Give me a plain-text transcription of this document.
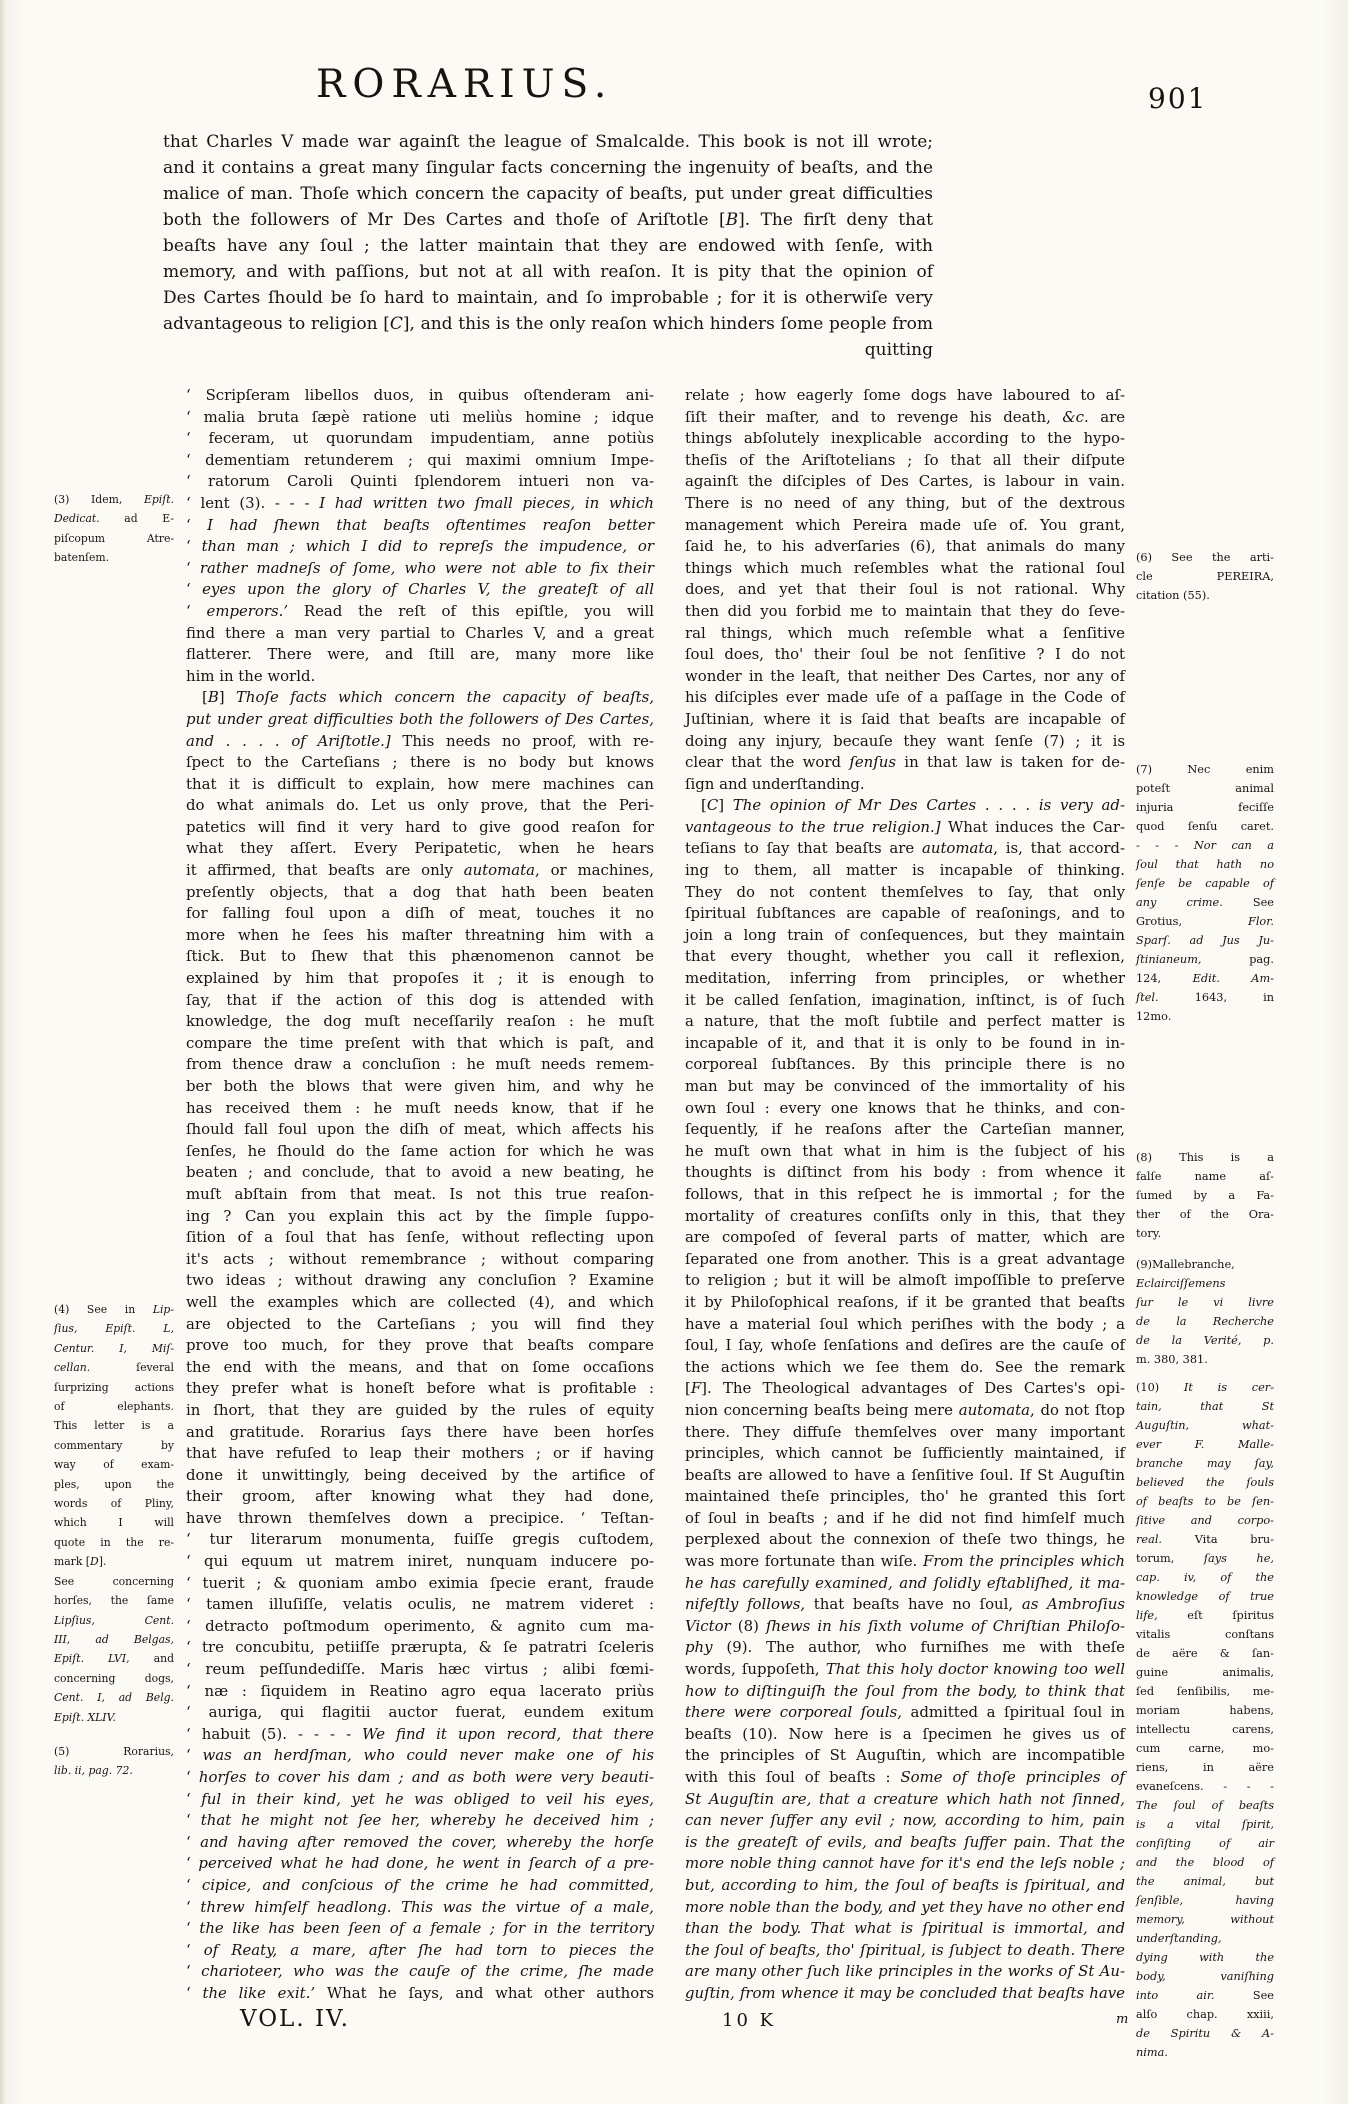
RORARIUS.	901
that Charles V made war againſt the league of Smalcalde. This book is not ill wrote;
and it contains a great many ſingular facts concerning the ingenuity of beaſts, and the
malice of man. Thoſe which concern the capacity of beaſts, put under great difficulties
both the followers of Mr Des Cartes and thoſe of Ariſtotle [B]. The firſt deny that
beaſts have any ſoul ; the latter maintain that they are endowed with ſenſe, with
memory, and with paſſions, but not at all with reaſon. It is pity that the opinion of
Des Cartes ſhould be ſo hard to maintain, and ſo improbable ; for it is otherwiſe very
advantageous to religion [C], and this is the only reaſon which hinders ſome people from
quitting
‘ Scripſeram libellos duos, in quibus oſtenderam ani-
‘ malia bruta ſæpè ratione uti meliùs homine ; idque
‘ feceram, ut quorundam impudentiam, anne potiùs
‘ dementiam retunderem ; qui maximi omnium Impe-
‘ ratorum Caroli Quinti ſplendorem intueri non va-
‘ lent (3). - - - I had written two ſmall pieces, in which
‘ I had ſhewn that beaſts oftentimes reaſon better
‘ than man ; which I did to repreſs the impudence, or
‘ rather madneſs of ſome, who were not able to fix their
‘ eyes upon the glory of Charles V, the greateſt of all
‘ emperors.’ Read the reſt of this epiſtle, you will
find there a man very partial to Charles V, and a great
flatterer. There were, and ſtill are, many more like
him in the world.
[B] Thoſe facts which concern the capacity of beaſts,
put under great difficulties both the followers of Des Cartes,
and . . . . of Ariſtotle.] This needs no proof, with re-
ſpect to the Carteſians ; there is no body but knows
that it is difficult to explain, how mere machines can
do what animals do. Let us only prove, that the Peri-
patetics will find it very hard to give good reaſon for
what they aſſert. Every Peripatetic, when he hears
it affirmed, that beaſts are only automata, or machines,
preſently objects, that a dog that hath been beaten
for falling foul upon a diſh of meat, touches it no
more when he ſees his maſter threatning him with a
ſtick. But to ſhew that this phænomenon cannot be
explained by him that propoſes it ; it is enough to
ſay, that if the action of this dog is attended with
knowledge, the dog muſt neceſſarily reaſon : he muſt
compare the time preſent with that which is paſt, and
from thence draw a concluſion : he muſt needs remem-
ber both the blows that were given him, and why he
has received them : he muſt needs know, that if he
ſhould fall foul upon the diſh of meat, which affects his
ſenſes, he ſhould do the ſame action for which he was
beaten ; and conclude, that to avoid a new beating, he
muſt abſtain from that meat. Is not this true reaſon-
ing ? Can you explain this act by the ſimple ſuppo-
ſition of a ſoul that has ſenſe, without reflecting upon
it's acts ; without remembrance ; without comparing
two ideas ; without drawing any concluſion ? Examine
well the examples which are collected (4), and which
are objected to the Carteſians ; you will find they
prove too much, for they prove that beaſts compare
the end with the means, and that on ſome occaſions
they prefer what is honeſt before what is profitable :
in ſhort, that they are guided by the rules of equity
and gratitude. Rorarius ſays there have been horſes
that have refuſed to leap their mothers ; or if having
done it unwittingly, being deceived by the artifice of
their groom, after knowing what they had done,
have thrown themſelves down a precipice. ‘ Teſtan-
‘ tur literarum monumenta, fuiſſe gregis cuſtodem,
‘ qui equum ut matrem iniret, nunquam inducere po-
‘ tuerit ; & quoniam ambo eximia ſpecie erant, fraude
‘ tamen illuſiſſe, velatis oculis, ne matrem videret :
‘ detracto poſtmodum operimento, & agnito cum ma-
‘ tre concubitu, petiiſſe prærupta, & ſe patratri ſceleris
‘ reum peſſundediſſe. Maris hæc virtus ; alibi fœmi-
‘ næ : ſiquidem in Reatino agro equa lacerato priùs
‘ auriga, qui flagitii auctor fuerat, eundem exitum
‘ habuit (5). - - - - We find it upon record, that there
‘ was an herdſman, who could never make one of his
‘ horſes to cover his dam ; and as both were very beauti-
‘ ful in their kind, yet he was obliged to veil his eyes,
‘ that he might not ſee her, whereby he deceived him ;
‘ and having after removed the cover, whereby the horſe
‘ perceived what he had done, he went in ſearch of a pre-
‘ cipice, and conſcious of the crime he had committed,
‘ threw himſelf headlong. This was the virtue of a male,
‘ the like has been ſeen of a female ; for in the territory
‘ of Reaty, a mare, after ſhe had torn to pieces the
‘ charioteer, who was the cauſe of the crime, ſhe made
‘ the like exit.’ What he ſays, and what other authors
relate ; how eagerly ſome dogs have laboured to aſ-
ſiſt their maſter, and to revenge his death, &c. are
things abſolutely inexplicable according to the hypo-
theſis of the Ariſtotelians ; ſo that all their diſpute
againſt the diſciples of Des Cartes, is labour in vain.
There is no need of any thing, but of the dextrous
management which Pereira made uſe of. You grant,
ſaid he, to his adverſaries (6), that animals do many
things which much reſembles what the rational ſoul
does, and yet that their ſoul is not rational. Why
then did you forbid me to maintain that they do ſeve-
ral things, which much reſemble what a ſenſitive
ſoul does, tho' their ſoul be not ſenſitive ? I do not
wonder in the leaſt, that neither Des Cartes, nor any of
his diſciples ever made uſe of a paſſage in the Code of
Juſtinian, where it is ſaid that beaſts are incapable of
doing any injury, becauſe they want ſenſe (7) ; it is
clear that the word ſenſus in that law is taken for de-
ſign and underſtanding.
[C] The opinion of Mr Des Cartes . . . . is very ad-
vantageous to the true religion.] What induces the Car-
teſians to ſay that beaſts are automata, is, that accord-
ing to them, all matter is incapable of thinking.
They do not content themſelves to ſay, that only
ſpiritual ſubſtances are capable of reaſonings, and to
join a long train of conſequences, but they maintain
that every thought, whether you call it reflexion,
meditation, inferring from principles, or whether
it be called ſenſation, imagination, inſtinct, is of ſuch
a nature, that the moſt ſubtile and perfect matter is
incapable of it, and that it is only to be found in in-
corporeal ſubſtances. By this principle there is no
man but may be convinced of the immortality of his
own ſoul : every one knows that he thinks, and con-
ſequently, if he reaſons after the Carteſian manner,
he muſt own that what in him is the ſubject of his
thoughts is diſtinct from his body : from whence it
follows, that in this reſpect he is immortal ; for the
mortality of creatures conſiſts only in this, that they
are compoſed of ſeveral parts of matter, which are
ſeparated one from another. This is a great advantage
to religion ; but it will be almoſt impoſſible to preſerve
it by Philoſophical reaſons, if it be granted that beaſts
have a material ſoul which periſhes with the body ; a
ſoul, I ſay, whoſe ſenſations and deſires are the cauſe of
the actions which we ſee them do. See the remark
[F]. The Theological advantages of Des Cartes's opi-
nion concerning beaſts being mere automata, do not ſtop
there. They diffuſe themſelves over many important
principles, which cannot be ſufficiently maintained, if
beaſts are allowed to have a ſenſitive ſoul. If St Auguſtin
maintained theſe principles, tho' he granted this ſort
of ſoul in beaſts ; and if he did not find himſelf much
perplexed about the connexion of theſe two things, he
was more fortunate than wiſe. From the principles which
he has carefully examined, and ſolidly eſtabliſhed, it ma-
nifeſtly follows, that beaſts have no ſoul, as Ambroſius
Victor (8) ſhews in his ſixth volume of Chriſtian Philoſo-
phy (9). The author, who furniſhes me with theſe
words, ſuppoſeth, That this holy doctor knowing too well
how to diſtinguiſh the ſoul from the body, to think that
there were corporeal ſouls, admitted a ſpiritual ſoul in
beaſts (10). Now here is a ſpecimen he gives us of
the principles of St Auguſtin, which are incompatible
with this ſoul of beaſts : Some of thoſe principles of
St Auguſtin are, that a creature which hath not ſinned,
can never ſuffer any evil ; now, according to him, pain
is the greateſt of evils, and beaſts ſuffer pain. That the
more noble thing cannot have for it's end the leſs noble ;
but, according to him, the ſoul of beaſts is ſpiritual, and
more noble than the body, and yet they have no other end
than the body. That what is ſpiritual is immortal, and
the ſoul of beaſts, tho' ſpiritual, is ſubject to death. There
are many other ſuch like principles in the works of St Au-
guſtin, from whence it may be concluded that beaſts have
(3) Idem, Epiſt.
Dedicat. ad E-
piſcopum Atre-
batenſem.
(4) See in Lip-
ſius, Epiſt. L,
Centur. I, Miſ-
cellan. ſeveral
ſurprizing actions
of elephants.
This letter is a
commentary by
way of exam-
ples, upon the
words of Pliny,
which I will
quote in the re-
mark [D].
See concerning
horſes, the ſame
Lipſius, Cent.
III, ad Belgas,
Epiſt. LVI, and
concerning dogs,
Cent. I, ad Belg.
Epiſt. XLIV.
(5) Rorarius,
lib. ii, pag. 72.
(6) See the arti-
cle PEREIRA,
citation (55).
(7) Nec enim
poteſt animal
injuria feciſſe
quod ſenſu caret.
- - - Nor can a
ſoul that hath no
ſenſe be capable of
any crime. See
Grotius, Flor.
Sparſ. ad Jus Ju-
ſtinianeum, pag.
124, Edit. Am-
ſtel. 1643, in
12mo.
(8) This is a
falſe name aſ-
ſumed by a Fa-
ther of the Ora-
tory.
(9)Mallebranche,
Eclairciſſemens
ſur le vi livre
de la Recherche
de la Verité, p.
m. 380, 381.
(10) It is cer-
tain, that St
Auguſtin, what-
ever F. Malle-
branche may ſay,
believed the ſouls
of beaſts to be ſen-
ſitive and corpo-
real. Vita bru-
torum, ſays he,
cap. iv, of the
knowledge of true
life, eſt ſpiritus
vitalis conſtans
de aëre & ſan-
guine animalis,
ſed ſenſibilis, me-
moriam habens,
intellectu carens,
cum carne, mo-
riens, in aëre
evaneſcens. - - -
The ſoul of beaſts
is a vital ſpirit,
conſiſting of air
and the blood of
the animal, but
ſenſible, having
memory, without
underſtanding,
dying with the
body, vaniſhing
into air. See
alſo chap. xxiii,
de Spiritu & A-
nima.
VOL. IV.	10 K	m
